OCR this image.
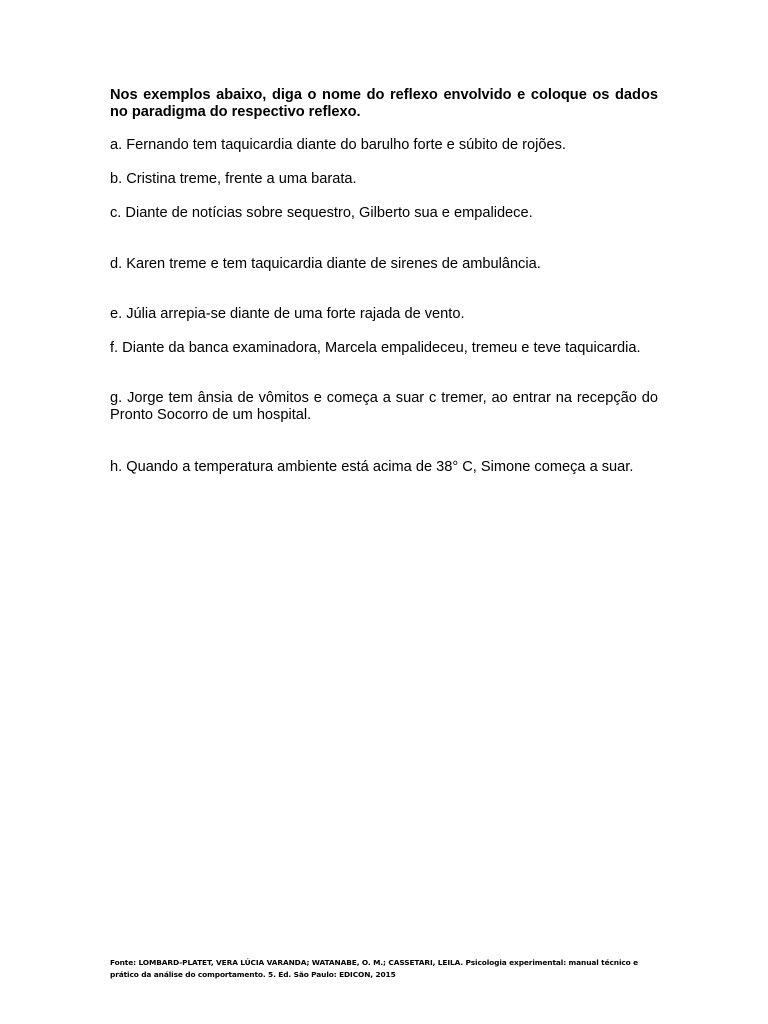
Nos exemplos abaixo, diga o nome do reflexo envolvido e coloque os dados no paradigma do respectivo reflexo.

a. Fernando tem taquicardia diante do barulho forte e súbito de rojões.

b. Cristina treme, frente a uma barata.

c. Diante de notícias sobre sequestro, Gilberto sua e empalidece.

d. Karen treme e tem taquicardia diante de sirenes de ambulância.

e. Júlia arrepia-se diante de uma forte rajada de vento.

f. Diante da banca examinadora, Marcela empalideceu, tremeu e teve taquicardia.

g. Jorge tem ânsia de vômitos e começa a suar c tremer, ao entrar na recepção do Pronto Socorro de um hospital.

h. Quando a temperatura ambiente está acima de 38° C, Simone começa a suar.

Fonte: LOMBARD-PLATET, VERA LÚCIA VARANDA; WATANABE, O. M.; CASSETARI, LEILA. Psicologia experimental: manual técnico e prático da análise do comportamento. 5. Ed. São Paulo: EDICON, 2015
